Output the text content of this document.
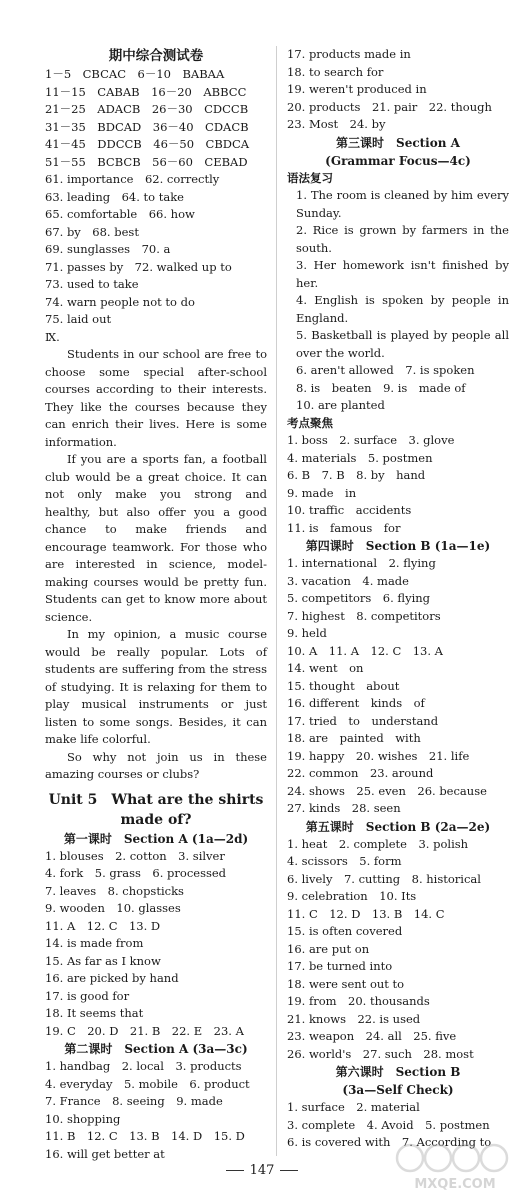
期中综合测试卷
1－5　CBCAC　6－10　BABAA
11－15　CABAB　16－20　ABBCC
21－25　ADACB　26－30　CDCCB
31－35　BDCAD　36－40　CDACB
41－45　DDCCB　46－50　CBDCA
51－55　BCBCB　56－60　CEBAD
61. importance　62. correctly
63. leading　64. to take
65. comfortable　66. how
67. by　68. best
69. sunglasses　70. a
71. passes by　72. walked up to
73. used to take
74. warn people not to do
75. laid out
Ⅸ.
Students in our school are free to choose some special after-school courses according to their interests. They like the courses because they can enrich their lives. Here is some information.
If you are a sports fan, a football club would be a great choice. It can not only make you strong and healthy, but also offer you a good chance to make friends and encourage teamwork. For those who are interested in science, model-making courses would be pretty fun. Students can get to know more about science.
In my opinion, a music course would be really popular. Lots of students are suffering from the stress of studying. It is relaxing for them to play musical instruments or just listen to some songs. Besides, it can make life colorful.
So why not join us in these amazing courses or clubs?
Unit 5　What are the shirts
made of?
第一课时　Section A (1a—2d)
1. blouses　2. cotton　3. silver
4. fork　5. grass　6. processed
7. leaves　8. chopsticks
9. wooden　10. glasses
11. A　12. C　13. D
14. is made from
15. As far as I know
16. are picked by hand
17. is good for
18. It seems that
19. C　20. D　21. B　22. E　23. A
第二课时　Section A (3a—3c)
1. handbag　2. local　3. products
4. everyday　5. mobile　6. product
7. France　8. seeing　9. made
10. shopping
11. B　12. C　13. B　14. D　15. D
16. will get better at
17. products made in
18. to search for
19. weren't produced in
20. products　21. pair　22. though
23. Most　24. by
第三课时　Section A
(Grammar Focus—4c)
语法复习
1. The room is cleaned by him every Sunday.
2. Rice is grown by farmers in the south.
3. Her homework isn't finished by her.
4. English is spoken by people in England.
5. Basketball is played by people all over the world.
6. aren't allowed　7. is spoken
8. is　beaten　9. is　made of
10. are planted
考点聚焦
1. boss　2. surface　3. glove
4. materials　5. postmen
6. B　7. B　8. by　hand
9. made　in
10. traffic　accidents
11. is　famous　for
第四课时　Section B (1a—1e)
1. international　2. flying
3. vacation　4. made
5. competitors　6. flying
7. highest　8. competitors
9. held
10. A　11. A　12. C　13. A
14. went　on
15. thought　about
16. different　kinds　of
17. tried　to　understand
18. are　painted　with
19. happy　20. wishes　21. life
22. common　23. around
24. shows　25. even　26. because
27. kinds　28. seen
第五课时　Section B (2a—2e)
1. heat　2. complete　3. polish
4. scissors　5. form
6. lively　7. cutting　8. historical
9. celebration　10. Its
11. C　12. D　13. B　14. C
15. is often covered
16. are put on
17. be turned into
18. were sent out to
19. from　20. thousands
21. knows　22. is used
23. weapon　24. all　25. five
26. world's　27. such　28. most
第六课时　Section B
(3a—Self Check)
1. surface　2. material
3. complete　4. Avoid　5. postmen
6. is covered with　7. According to
147
MXQE.COM
